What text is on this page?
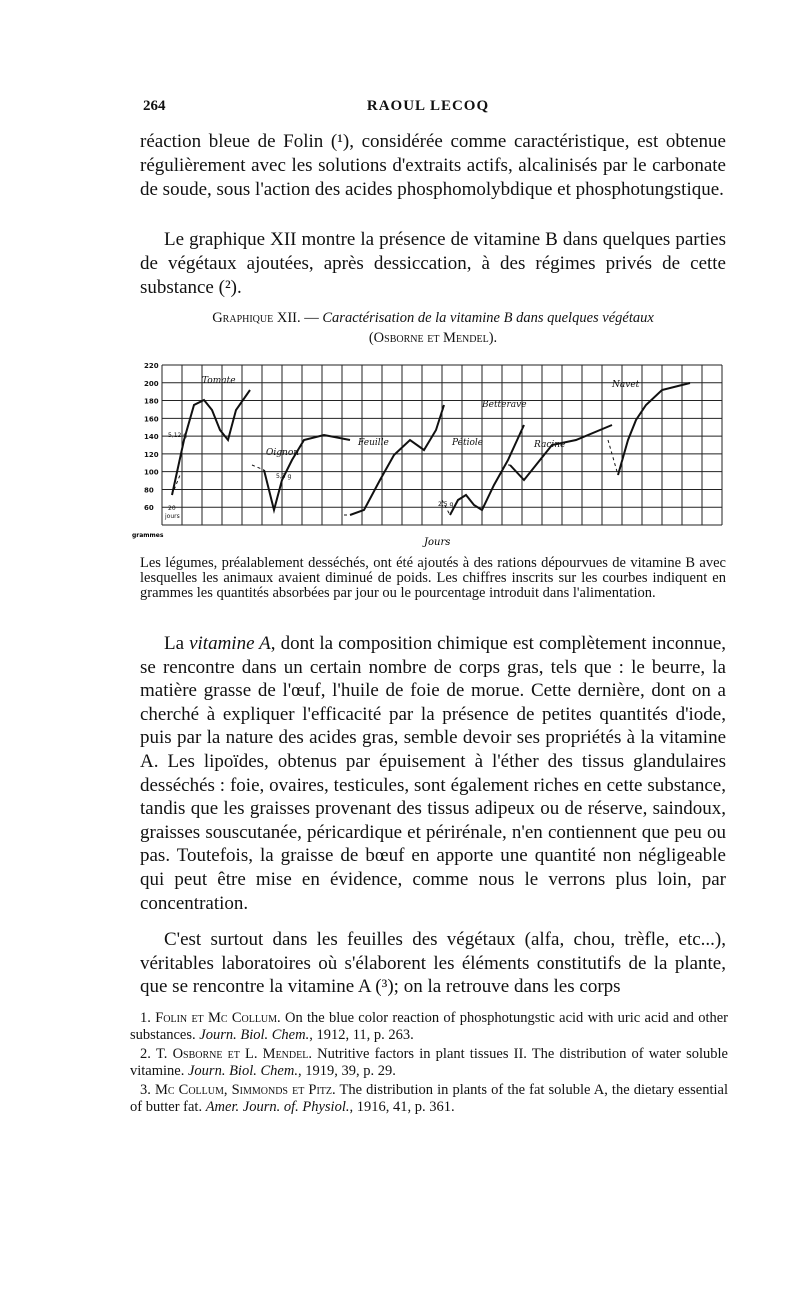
264	RAOUL LECOQ

réaction bleue de Folin (¹), considérée comme caractéristique, est obtenue régulièrement avec les solutions d'extraits actifs, alcalinisés par le carbonate de soude, sous l'action des acides phosphomolybdique et phosphotungstique.

Le graphique XII montre la présence de vitamine B dans quelques parties de végétaux ajoutées, après dessiccation, à des régimes privés de cette substance (²).

Graphique XII. — Caractérisation de la vitamine B dans quelques végétaux
(Osborne et Mendel).
220
200
180
160
140
120
100
80
60
Tomate
Oignon
Feuille
Betterave
Pétiole	Racine
Navet
20
jours
5,12 g
5,3 g
2,5 g
grammes
Jours

Les légumes, préalablement desséchés, ont été ajoutés à des rations dépourvues de vitamine B avec lesquelles les animaux avaient diminué de poids. Les chiffres inscrits sur les courbes indiquent en grammes les quantités absorbées par jour ou le pourcentage introduit dans l'alimentation.

La vitamine A, dont la composition chimique est complètement inconnue, se rencontre dans un certain nombre de corps gras, tels que : le beurre, la matière grasse de l'œuf, l'huile de foie de morue. Cette dernière, dont on a cherché à expliquer l'efficacité par la présence de petites quantités d'iode, puis par la nature des acides gras, semble devoir ses propriétés à la vitamine A. Les lipoïdes, obtenus par épuisement à l'éther des tissus glandulaires desséchés : foie, ovaires, testicules, sont également riches en cette substance, tandis que les graisses provenant des tissus adipeux ou de réserve, saindoux, graisses souscutanée, péricardique et périrénale, n'en contiennent que peu ou pas. Toutefois, la graisse de bœuf en apporte une quantité non négligeable qui peut être mise en évidence, comme nous le verrons plus loin, par concentration.

C'est surtout dans les feuilles des végétaux (alfa, chou, trèfle, etc...), véritables laboratoires où s'élaborent les éléments constitutifs de la plante, que se rencontre la vitamine A (³); on la retrouve dans les corps

1. Folin et Mc Collum. On the blue color reaction of phosphotungstic acid with uric acid and other substances. Journ. Biol. Chem., 1912, 11, p. 263.

2. T. Osborne et L. Mendel. Nutritive factors in plant tissues II. The distribution of water soluble vitamine. Journ. Biol. Chem., 1919, 39, p. 29.

3. Mc Collum, Simmonds et Pitz. The distribution in plants of the fat soluble A, the dietary essential of butter fat. Amer. Journ. of. Physiol., 1916, 41, p. 361.
